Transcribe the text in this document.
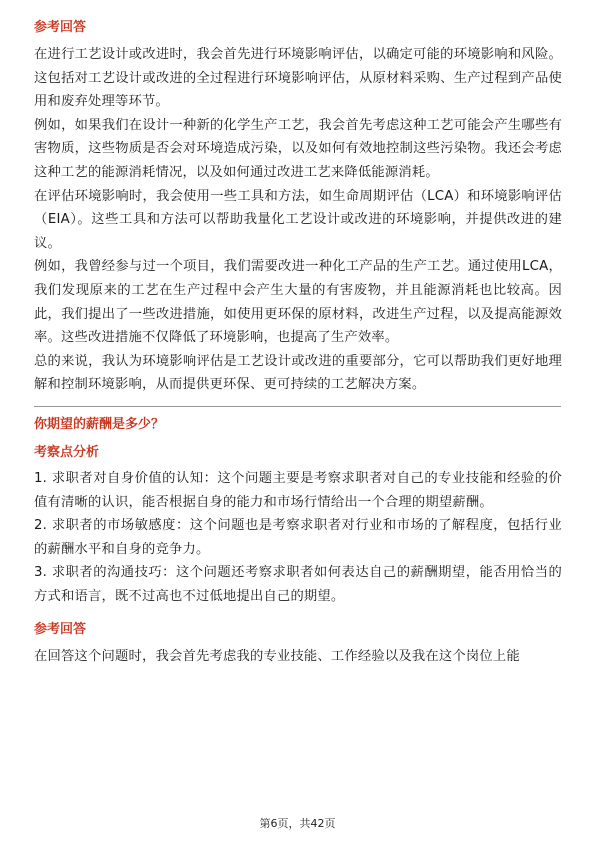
参考回答

在进行工艺设计或改进时，我会首先进行环境影响评估，以确定可能的环境影响和风险。这包括对工艺设计或改进的全过程进行环境影响评估，从原材料采购、生产过程到产品使用和废弃处理等环节。

例如，如果我们在设计一种新的化学生产工艺，我会首先考虑这种工艺可能会产生哪些有害物质，这些物质是否会对环境造成污染，以及如何有效地控制这些污染物。我还会考虑这种工艺的能源消耗情况，以及如何通过改进工艺来降低能源消耗。

在评估环境影响时，我会使用一些工具和方法，如生命周期评估（LCA）和环境影响评估（EIA）。这些工具和方法可以帮助我量化工艺设计或改进的环境影响，并提供改进的建议。

例如，我曾经参与过一个项目，我们需要改进一种化工产品的生产工艺。通过使用LCA，我们发现原来的工艺在生产过程中会产生大量的有害废物，并且能源消耗也比较高。因此，我们提出了一些改进措施，如使用更环保的原材料，改进生产过程，以及提高能源效率。这些改进措施不仅降低了环境影响，也提高了生产效率。

总的来说，我认为环境影响评估是工艺设计或改进的重要部分，它可以帮助我们更好地理解和控制环境影响，从而提供更环保、更可持续的工艺解决方案。

你期望的薪酬是多少？

考察点分析

1. 求职者对自身价值的认知：这个问题主要是考察求职者对自己的专业技能和经验的价值有清晰的认识，能否根据自身的能力和市场行情给出一个合理的期望薪酬。

2. 求职者的市场敏感度：这个问题也是考察求职者对行业和市场的了解程度，包括行业的薪酬水平和自身的竞争力。

3. 求职者的沟通技巧：这个问题还考察求职者如何表达自己的薪酬期望，能否用恰当的方式和语言，既不过高也不过低地提出自己的期望。

参考回答

在回答这个问题时，我会首先考虑我的专业技能、工作经验以及我在这个岗位上能

第6页，共42页
